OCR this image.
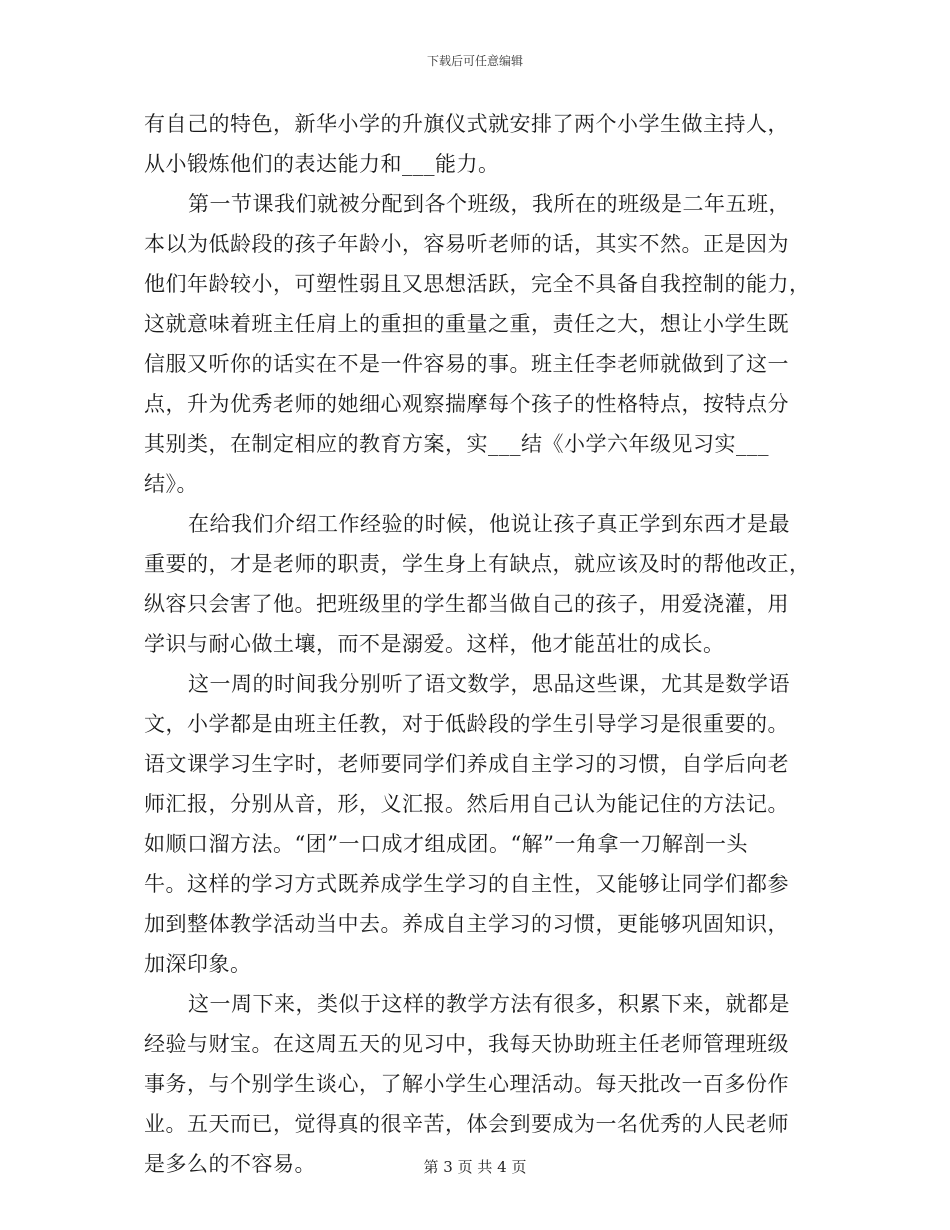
下载后可任意编辑
有自己的特色，新华小学的升旗仪式就安排了两个小学生做主持人，
从小锻炼他们的表达能力和___能力。
第一节课我们就被分配到各个班级，我所在的班级是二年五班，
本以为低龄段的孩子年龄小，容易听老师的话，其实不然。正是因为
他们年龄较小，可塑性弱且又思想活跃，完全不具备自我控制的能力，
这就意味着班主任肩上的重担的重量之重，责任之大，想让小学生既
信服又听你的话实在不是一件容易的事。班主任李老师就做到了这一
点，升为优秀老师的她细心观察揣摩每个孩子的性格特点，按特点分
其别类，在制定相应的教育方案，实___结《小学六年级见习实___
结》。
在给我们介绍工作经验的时候，他说让孩子真正学到东西才是最
重要的，才是老师的职责，学生身上有缺点，就应该及时的帮他改正，
纵容只会害了他。把班级里的学生都当做自己的孩子，用爱浇灌，用
学识与耐心做土壤，而不是溺爱。这样，他才能茁壮的成长。
这一周的时间我分别听了语文数学，思品这些课，尤其是数学语
文，小学都是由班主任教，对于低龄段的学生引导学习是很重要的。
语文课学习生字时，老师要同学们养成自主学习的习惯，自学后向老
师汇报，分别从音，形，义汇报。然后用自己认为能记住的方法记。
如顺口溜方法。“团”一口成才组成团。“解”一角拿一刀解剖一头
牛。这样的学习方式既养成学生学习的自主性，又能够让同学们都参
加到整体教学活动当中去。养成自主学习的习惯，更能够巩固知识，
加深印象。
这一周下来，类似于这样的教学方法有很多，积累下来，就都是
经验与财宝。在这周五天的见习中，我每天协助班主任老师管理班级
事务，与个别学生谈心，了解小学生心理活动。每天批改一百多份作
业。五天而已，觉得真的很辛苦，体会到要成为一名优秀的人民老师
是多么的不容易。	第 3 页 共 4 页
